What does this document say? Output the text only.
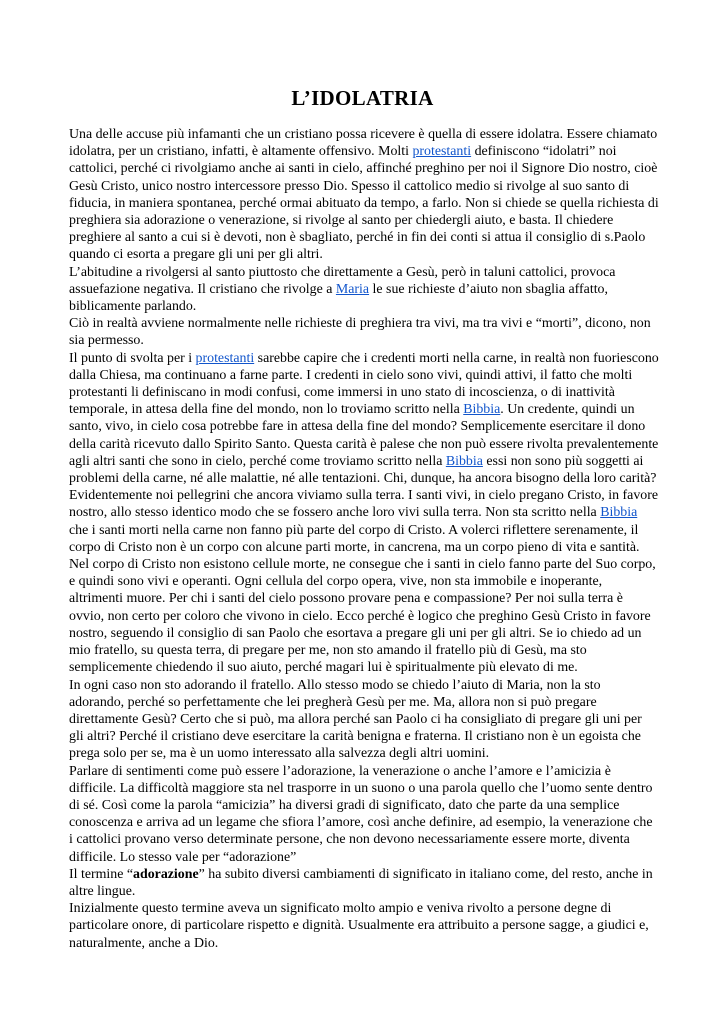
L’IDOLATRIA

Una delle accuse più infamanti che un cristiano possa ricevere è quella di essere idolatra. Essere chiamato idolatra, per un cristiano, infatti, è altamente offensivo. Molti protestanti definiscono “idolatri” noi cattolici, perché ci rivolgiamo anche ai santi in cielo, affinché preghino per noi il Signore Dio nostro, cioè Gesù Cristo, unico nostro intercessore presso Dio. Spesso il cattolico medio si rivolge al suo santo di fiducia, in maniera spontanea, perché ormai abituato da tempo, a farlo. Non si chiede se quella richiesta di preghiera sia adorazione o venerazione, si rivolge al santo per chiedergli aiuto, e basta. Il chiedere preghiere al santo a cui si è devoti, non è sbagliato, perché in fin dei conti si attua il consiglio di s.Paolo quando ci esorta a pregare gli uni per gli altri.

L’abitudine a rivolgersi al santo piuttosto che direttamente a Gesù, però in taluni cattolici, provoca assuefazione negativa. Il cristiano che rivolge a Maria le sue richieste d’aiuto non sbaglia affatto, biblicamente parlando.

Ciò in realtà avviene normalmente nelle richieste di preghiera tra vivi, ma tra vivi e “morti”, dicono, non sia permesso.

Il punto di svolta per i protestanti sarebbe capire che i credenti morti nella carne, in realtà non fuoriescono dalla Chiesa, ma continuano a farne parte. I credenti in cielo sono vivi, quindi attivi, il fatto che molti protestanti li definiscano in modi confusi, come immersi in uno stato di incoscienza, o di inattività temporale, in attesa della fine del mondo, non lo troviamo scritto nella Bibbia. Un credente, quindi un santo, vivo, in cielo cosa potrebbe fare in attesa della fine del mondo? Semplicemente esercitare il dono della carità ricevuto dallo Spirito Santo. Questa carità è palese che non può essere rivolta prevalentemente agli altri santi che sono in cielo, perché come troviamo scritto nella Bibbia essi non sono più soggetti ai problemi della carne, né alle malattie, né alle tentazioni. Chi, dunque, ha ancora bisogno della loro carità? Evidentemente noi pellegrini che ancora viviamo sulla terra. I santi vivi, in cielo pregano Cristo, in favore nostro, allo stesso identico modo che se fossero anche loro vivi sulla terra. Non sta scritto nella Bibbia che i santi morti nella carne non fanno più parte del corpo di Cristo. A volerci riflettere serenamente, il corpo di Cristo non è un corpo con alcune parti morte, in cancrena, ma un corpo pieno di vita e santità. Nel corpo di Cristo non esistono cellule morte, ne consegue che i santi in cielo fanno parte del Suo corpo, e quindi sono vivi e operanti. Ogni cellula del corpo opera, vive, non sta immobile e inoperante, altrimenti muore. Per chi i santi del cielo possono provare pena e compassione? Per noi sulla terra è ovvio, non certo per coloro che vivono in cielo. Ecco perché è logico che preghino Gesù Cristo in favore nostro, seguendo il consiglio di san Paolo che esortava a pregare gli uni per gli altri. Se io chiedo ad un mio fratello, su questa terra, di pregare per me, non sto amando il fratello più di Gesù, ma sto semplicemente chiedendo il suo aiuto, perché magari lui è spiritualmente più elevato di me.

In ogni caso non sto adorando il fratello. Allo stesso modo se chiedo l’aiuto di Maria, non la sto adorando, perché so perfettamente che lei pregherà Gesù per me. Ma, allora non si può pregare direttamente Gesù? Certo che si può, ma allora perché san Paolo ci ha consigliato di pregare gli uni per gli altri? Perché il cristiano deve esercitare la carità benigna e fraterna. Il cristiano non è un egoista che prega solo per se, ma è un uomo interessato alla salvezza degli altri uomini.

Parlare di sentimenti come può essere l’adorazione, la venerazione o anche l’amore e l’amicizia è difficile. La difficoltà maggiore sta nel trasporre in un suono o una parola quello che l’uomo sente dentro di sé. Così come la parola “amicizia” ha diversi gradi di significato, dato che parte da una semplice conoscenza e arriva ad un legame che sfiora l’amore, così anche definire, ad esempio, la venerazione che i cattolici provano verso determinate persone, che non devono necessariamente essere morte, diventa difficile. Lo stesso vale per “adorazione”

Il termine “adorazione” ha subito diversi cambiamenti di significato in italiano come, del resto, anche in altre lingue.

Inizialmente questo termine aveva un significato molto ampio e veniva rivolto a persone degne di particolare onore, di particolare rispetto e dignità. Usualmente era attribuito a persone sagge, a giudici e, naturalmente, anche a Dio.
